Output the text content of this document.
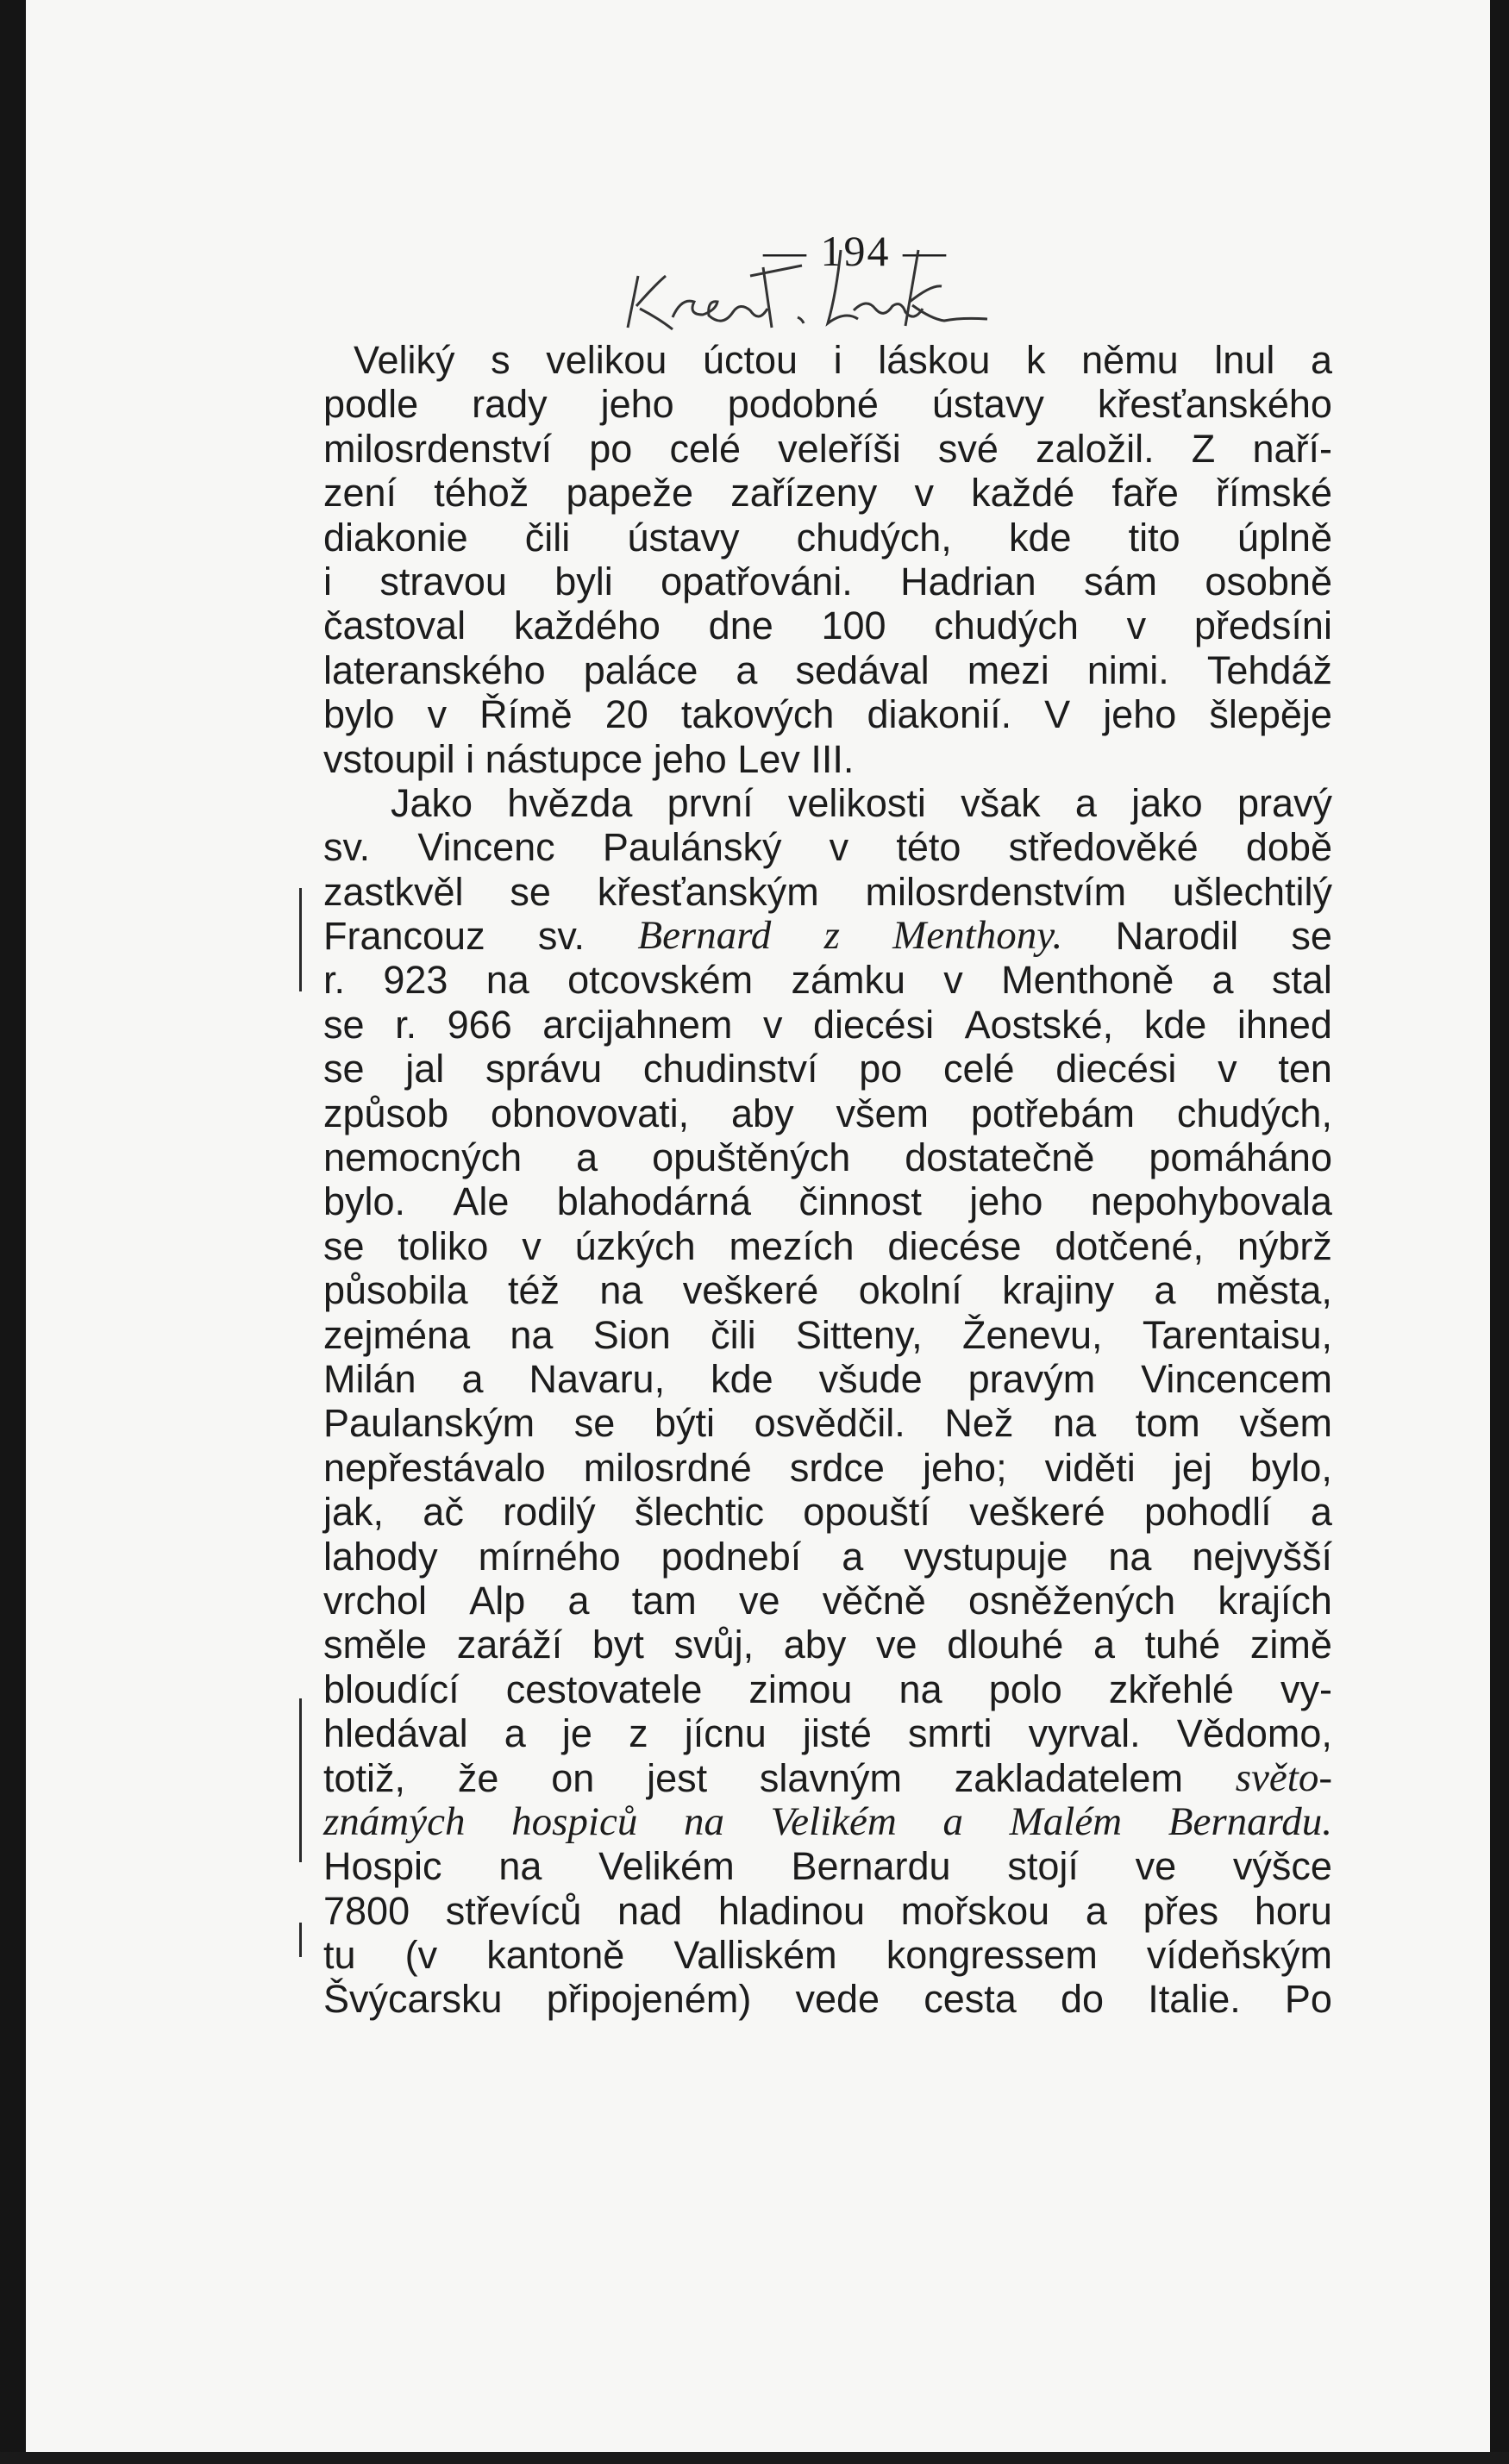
— 194 —
Veliký s velikou úctou i láskou k němu lnul a
podle rady jeho podobné ústavy křesťanského
milosrdenství po celé veleříši své založil. Z naří-
zení téhož papeže zařízeny v každé faře římské
diakonie čili ústavy chudých, kde tito úplně
i stravou byli opatřováni. Hadrian sám osobně
častoval každého dne 100 chudých v předsíni
lateranského paláce a sedával mezi nimi. Tehdáž
bylo v Římě 20 takových diakonií. V jeho šlepěje
vstoupil i nástupce jeho Lev III.
Jako hvězda první velikosti však a jako pravý
sv. Vincenc Paulánský v této středověké době
zastkvěl se křesťanským milosrdenstvím ušlechtilý
Francouz sv. Bernard z Menthony. Narodil se
r. 923 na otcovském zámku v Menthoně a stal
se r. 966 arcijahnem v diecési Aostské, kde ihned
se jal správu chudinství po celé diecési v ten
způsob obnovovati, aby všem potřebám chudých,
nemocných a opuštěných dostatečně pomáháno
bylo. Ale blahodárná činnost jeho nepohybovala
se toliko v úzkých mezích diecése dotčené, nýbrž
působila též na veškeré okolní krajiny a města,
zejména na Sion čili Sitteny, Ženevu, Tarentaisu,
Milán a Navaru, kde všude pravým Vincencem
Paulanským se býti osvědčil. Než na tom všem
nepřestávalo milosrdné srdce jeho; viděti jej bylo,
jak, ač rodilý šlechtic opouští veškeré pohodlí a
lahody mírného podnebí a vystupuje na nejvyšší
vrchol Alp a tam ve věčně osněžených krajích
směle zaráží byt svůj, aby ve dlouhé a tuhé zimě
bloudící cestovatele zimou na polo zkřehlé vy-
hledával a je z jícnu jisté smrti vyrval. Vědomo,
totiž, že on jest slavným zakladatelem světo-
známých hospiců na Velikém a Malém Bernardu.
Hospic na Velikém Bernardu stojí ve výšce
7800 střevíců nad hladinou mořskou a přes horu
tu (v kantoně Valliském kongressem vídeňským
Švýcarsku připojeném) vede cesta do Italie. Po
